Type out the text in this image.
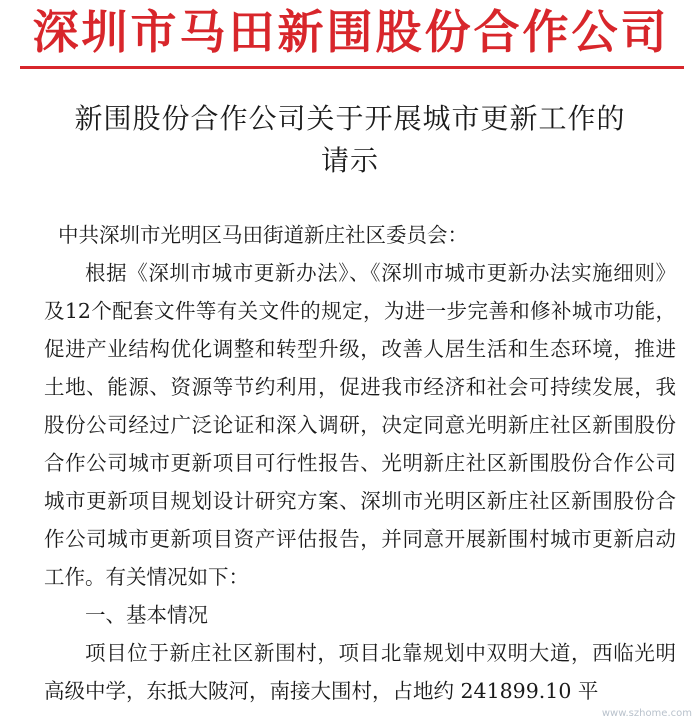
深圳市马田新围股份合作公司
新围股份合作公司关于开展城市更新工作的
请示

中共深圳市光明区马田街道新庄社区委员会：

根据《深圳市城市更新办法》、《深圳市城市更新办法实施细则》及12个配套文件等有关文件的规定，为进一步完善和修补城市功能，促进产业结构优化调整和转型升级，改善人居生活和生态环境，推进土地、能源、资源等节约利用，促进我市经济和社会可持续发展，我股份公司经过广泛论证和深入调研，决定同意光明新庄社区新围股份合作公司城市更新项目可行性报告、光明新庄社区新围股份合作公司城市更新项目规划设计研究方案、深圳市光明区新庄社区新围股份合作公司城市更新项目资产评估报告，并同意开展新围村城市更新启动工作。有关情况如下：

一、基本情况

项目位于新庄社区新围村，项目北靠规划中双明大道，西临光明高级中学，东抵大陂河，南接大围村，占地约 241899.10 平

www.szhome.com
